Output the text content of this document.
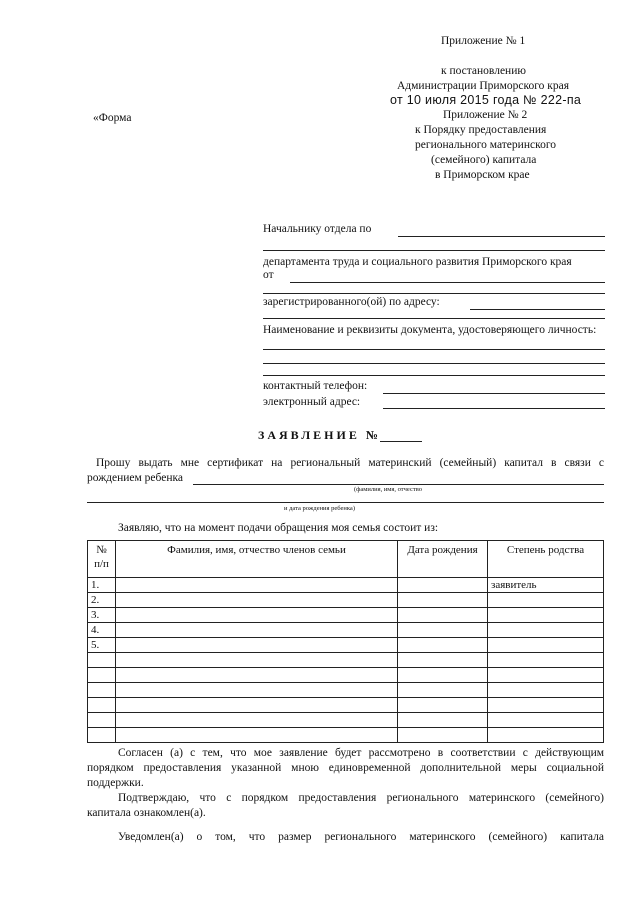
Приложение № 1
к постановлению
Администрации Приморского края
от 10 июля 2015 года № 222-па
«Форма	Приложение № 2
к Порядку предоставления
регионального материнского
(семейного) капитала
в Приморском крае
Начальнику отдела по
департамента труда и социального развития Приморского края
от
зарегистрированного(ой) по адресу:
Наименование и реквизиты документа, удостоверяющего личность:
контактный телефон:
электронный адрес:
ЗАЯВЛЕНИЕ №
Прошу выдать мне сертификат на региональный материнский (семейный) капитал в связи с
рождением ребенка
(фамилия, имя, отчество
и дата рождения ребенка)
Заявляю, что на момент подачи обращения моя семья состоит из:
№ п/п	Фамилия, имя, отчество членов семьи	Дата рождения	Степень родства
1.			заявитель
2.			
3.			
4.			
5.			

Согласен (а) с тем, что мое заявление будет рассмотрено в соответствии с действующим
порядком предоставления указанной мною единовременной дополнительной меры социальной
поддержки.
Подтверждаю, что с порядком предоставления регионального материнского (семейного)
капитала ознакомлен(а).
Уведомлен(а) о том, что размер регионального материнского (семейного) капитала
